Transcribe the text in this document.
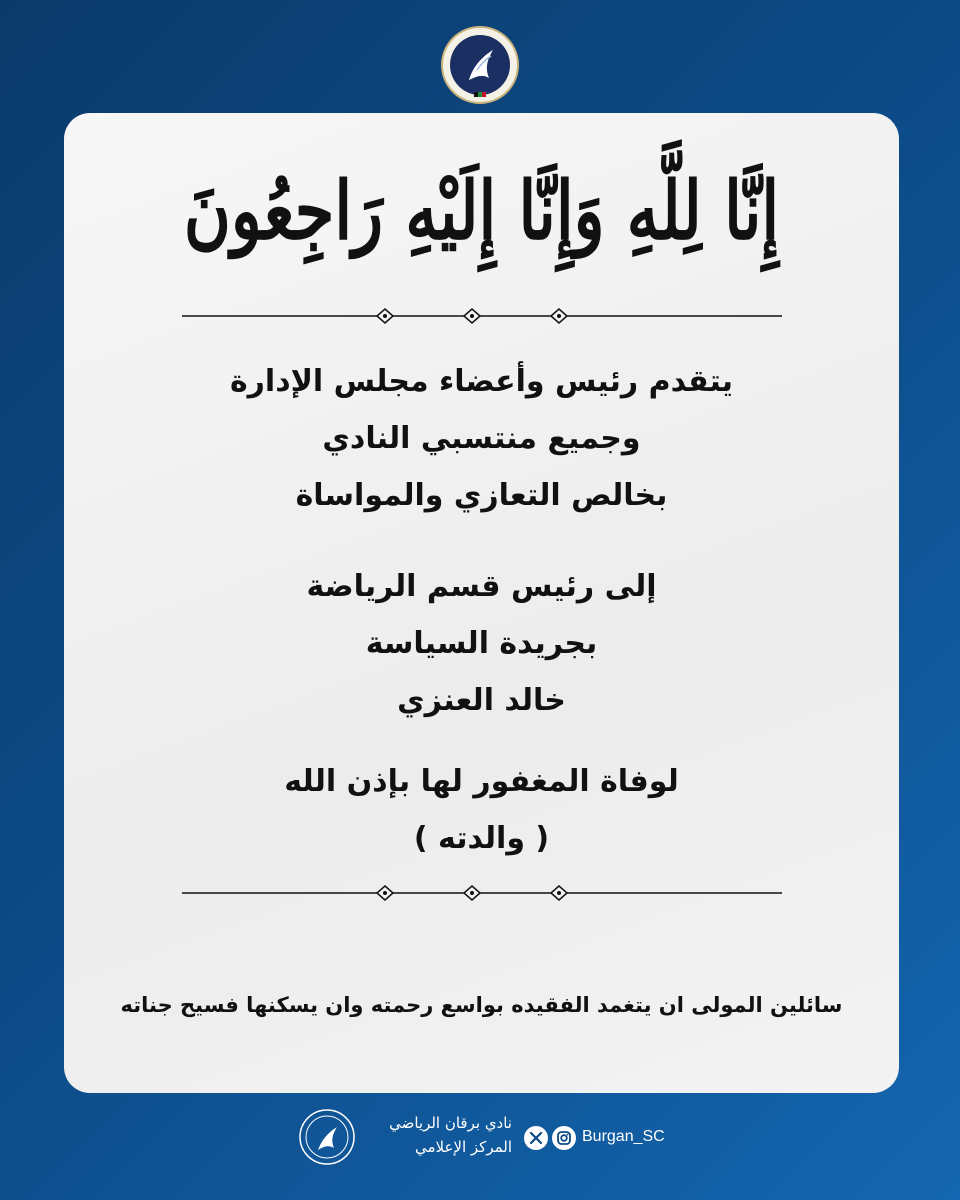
إِنَّا لِلَّهِ وَإِنَّا إِلَيْهِ رَاجِعُونَ
يتقدم رئيس وأعضاء مجلس الإدارة
وجميع منتسبي النادي
بخالص التعازي والمواساة
إلى رئيس قسم الرياضة
بجريدة السياسة
خالد العنزي
لوفاة المغفور لها بإذن الله
( والدته )
سائلين المولى ان يتغمد الفقيده بواسع رحمته وان يسكنها فسيح جناته
نادي برقان الرياضي
المركز الإعلامي
Burgan_SC
